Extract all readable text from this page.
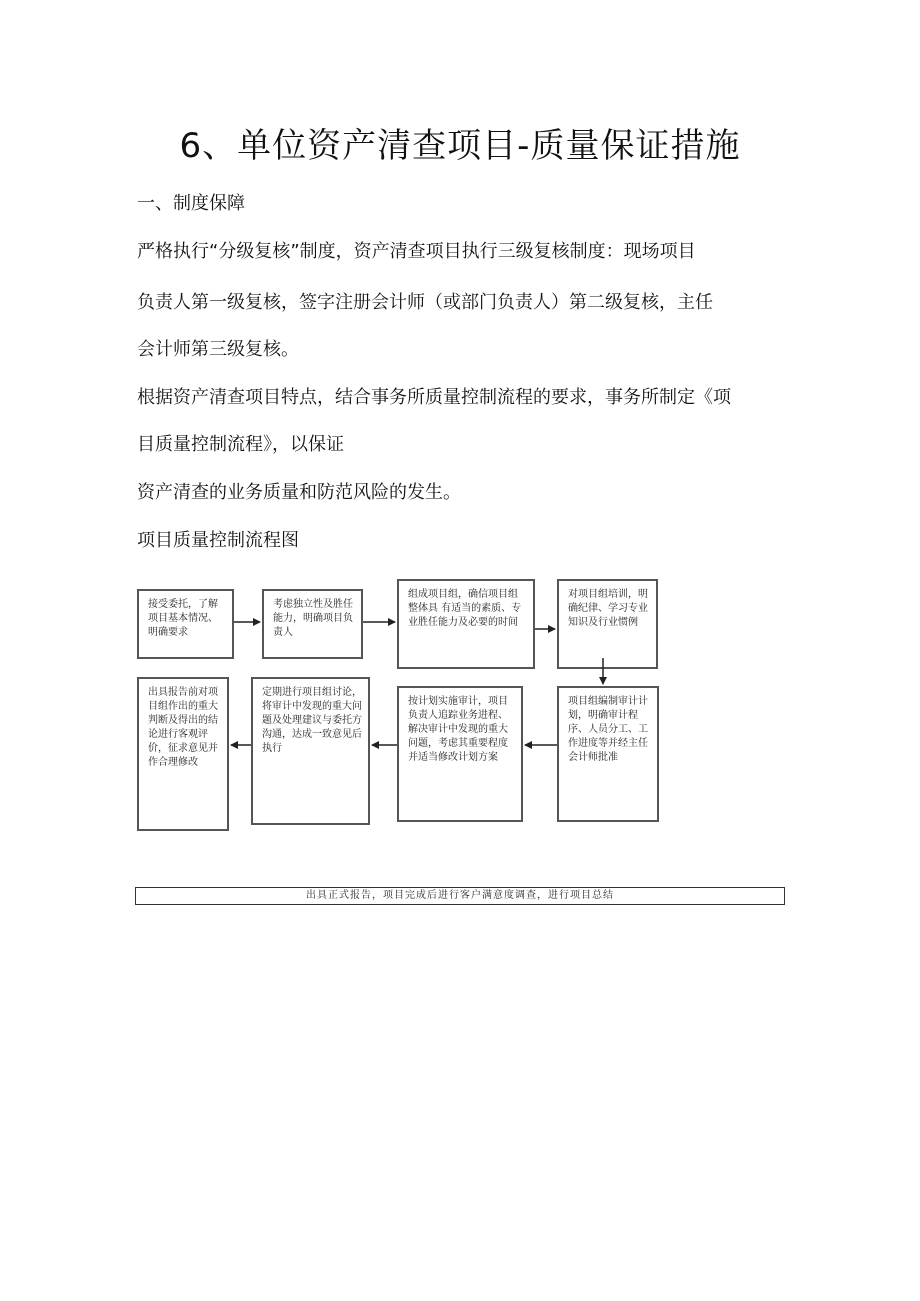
6、单位资产清查项目-质量保证措施
一、制度保障
严格执行“分级复核”制度，资产清查项目执行三级复核制度：现场项目
负责人第一级复核，签字注册会计师（或部门负责人）第二级复核，主任
会计师第三级复核。
根据资产清查项目特点，结合事务所质量控制流程的要求，事务所制定《项
目质量控制流程》，以保证
资产清查的业务质量和防范风险的发生。
项目质量控制流程图
接受委托，了解项目基本情况、明确要求
考虑独立性及胜任能力，明确项目负责人
组成项目组，确信项目组整体具 有适当的素质、专业胜任能力及必要的时间
对项目组培训，明确纪律、学习专业知识及行业惯例
项目组编制审计计划，明确审计程序、人员分工、工作进度等并经主任会计师批准
按计划实施审计，项目负责人追踪业务进程、解决审计中发现的重大问题，考虑其重要程度并适当修改计划方案
定期进行项目组讨论，将审计中发现的重大问题及处理建议与委托方沟通，达成一致意见后执行
出具报告前对项目组作出的重大判断及得出的结论进行客观评价，征求意见并作合理修改
出具正式报告，项目完成后进行客户满意度调查，进行项目总结
